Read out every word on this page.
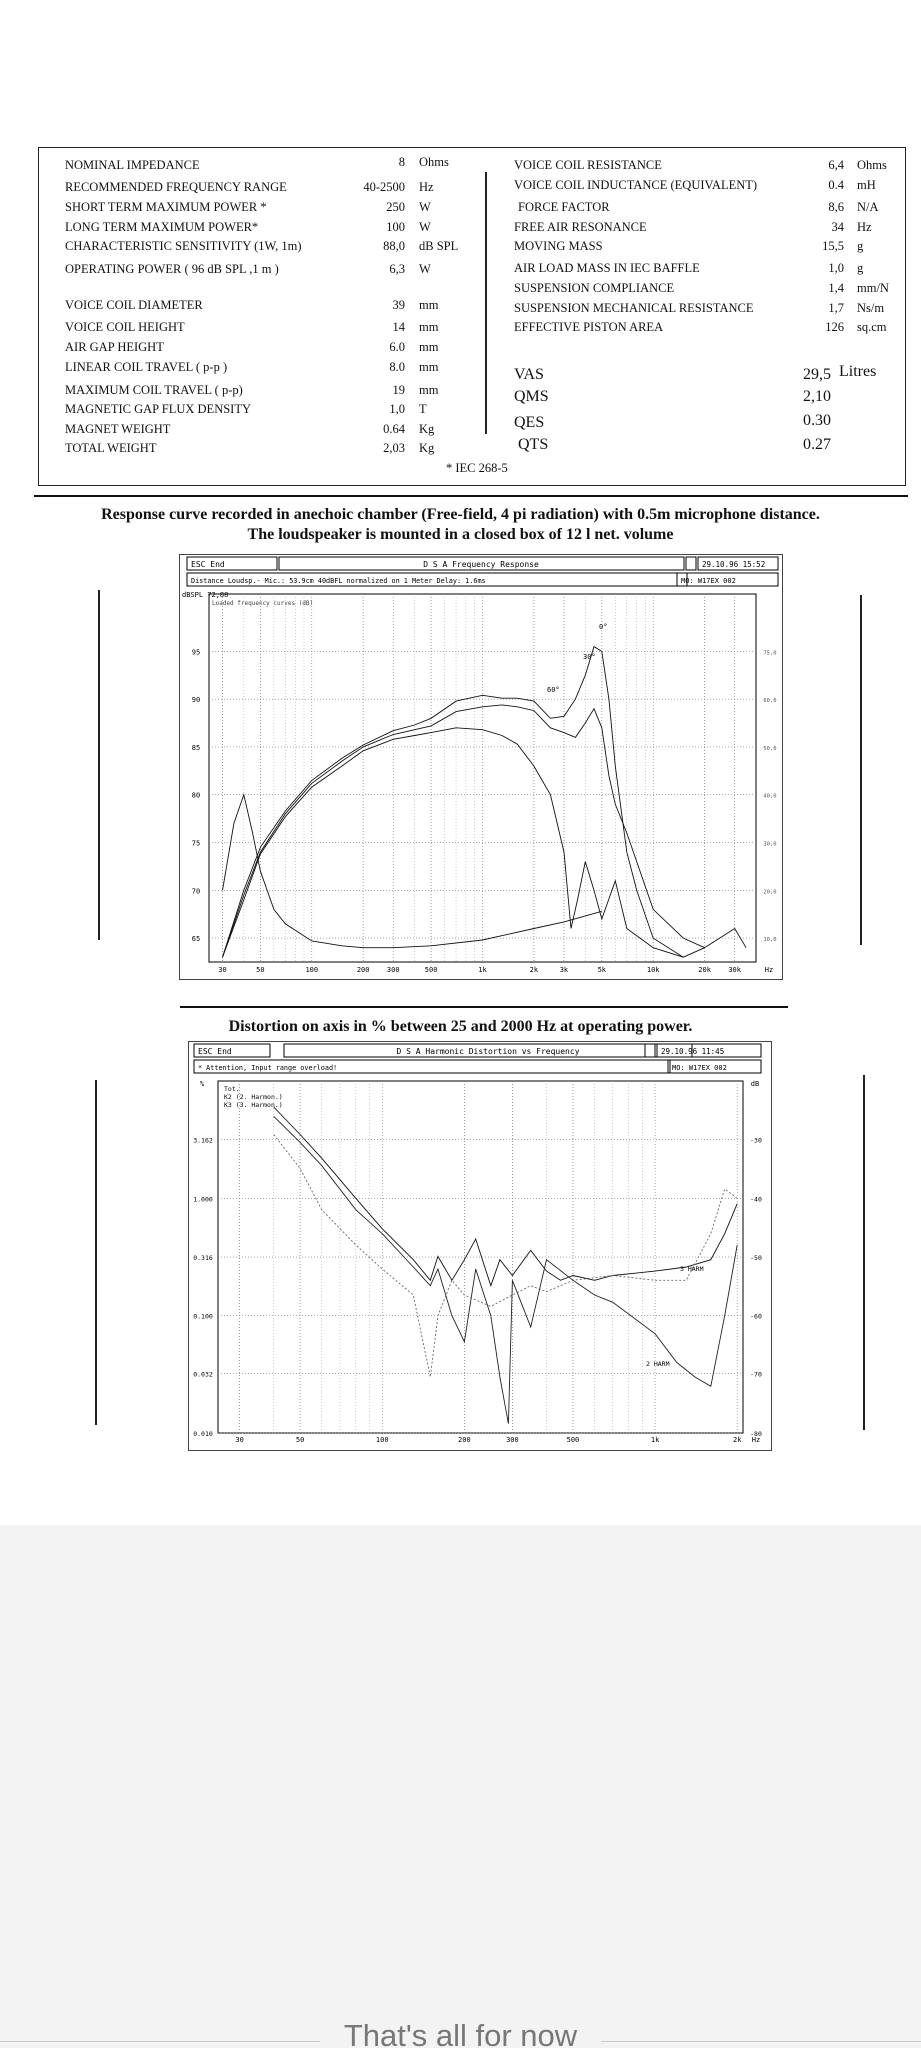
NOMINAL IMPEDANCE	8 Ohms
RECOMMENDED FREQUENCY RANGE	40-2500 Hz
SHORT TERM MAXIMUM POWER *	250 W
LONG TERM MAXIMUM POWER*	100 W
CHARACTERISTIC SENSITIVITY (1W, 1m)	88,0 dB SPL
OPERATING POWER ( 96 dB SPL ,1 m )	6,3 W
VOICE COIL DIAMETER	39 mm
VOICE COIL HEIGHT	14 mm
AIR GAP HEIGHT	6.0 mm
LINEAR COIL TRAVEL ( p-p )	8.0 mm
MAXIMUM COIL TRAVEL ( p-p)	19 mm
MAGNETIC GAP FLUX DENSITY	1,0 T
MAGNET WEIGHT	0.64 Kg
TOTAL WEIGHT	2,03 Kg
VOICE COIL RESISTANCE	6,4 Ohms
VOICE COIL INDUCTANCE (EQUIVALENT)	0.4 mH
FORCE FACTOR	8,6 N/A
FREE AIR RESONANCE	34 Hz
MOVING MASS	15,5 g
AIR LOAD MASS IN IEC BAFFLE	1,0 g
SUSPENSION COMPLIANCE	1,4 mm/N
SUSPENSION MECHANICAL RESISTANCE	1,7 Ns/m
EFFECTIVE PISTON AREA	126 sq.cm
VAS	29,5 Litres
QMS	2,10
QES	0.30
QTS	0.27
* IEC 268-5
Response curve recorded in anechoic chamber (Free-field, 4 pi radiation) with 0.5m microphone distance.
The loudspeaker is mounted in a closed box of 12 l net. volume
ESC End	D S A Frequency Response	29.10.96 15:52
Distance Loudsp.- Mic.: 53.9cm 40dBFL normalized on 1 Meter Delay: 1.6ms	MO: W17EX 002
dBSPL 72,88
Loaded frequency curves (dB)
30	50	100	200 300	500	1k	2k	3k	5k	10k	20k 30k	Hz
95	75,0
90	60,0
85	50,0
80	40,0
75	30,0
70	20,0
65	10,0
0°
30°
60°
Distortion on axis in % between 25 and 2000 Hz at operating power.
ESC End	D S A Harmonic Distortion vs Frequency	29.10.96 11:45
* Attention, Input range overload!	MO: W17EX 002
%	dB
30	50	100	200	300	500	1k	2k Hz
3.162	-30
1.000	-40
0.316	-50
0.100	-60
0.032	-70
0.010	-80
Tot.
K2 (2. Harmon.)
K3 (3. Harmon.)
3 HARM
2 HARM
That's all for now
